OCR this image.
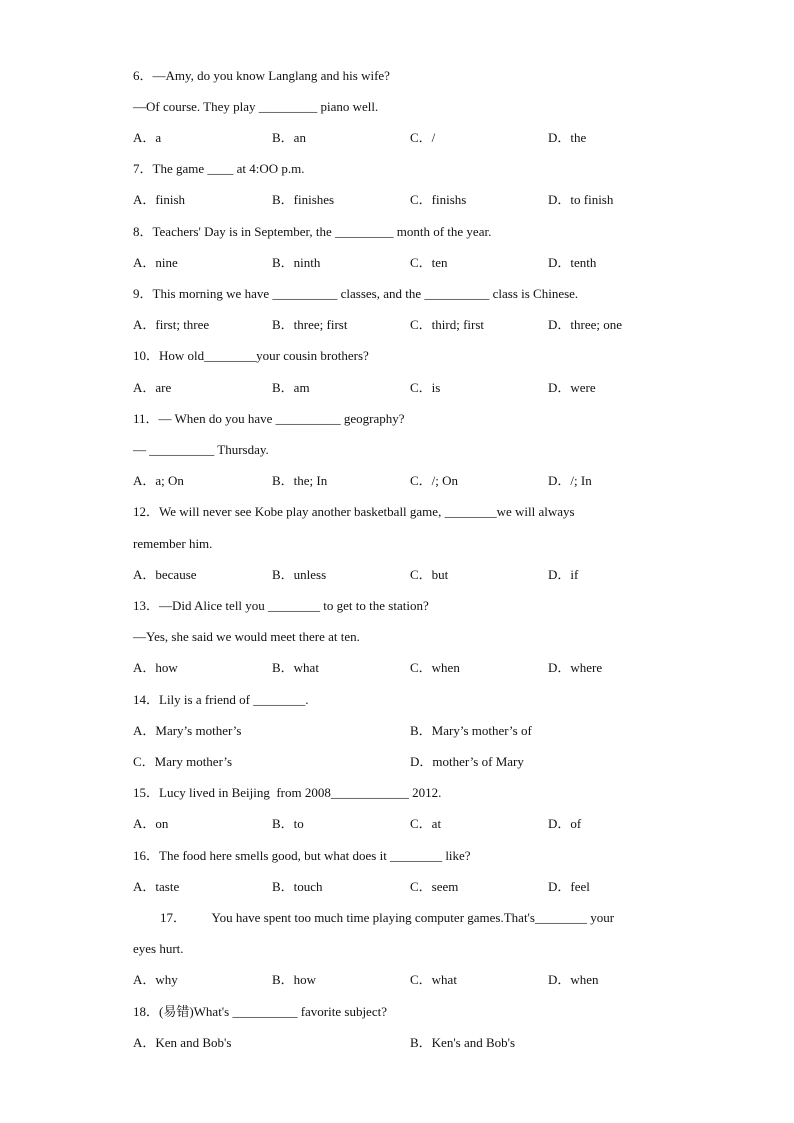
6．—Amy, do you know Langlang and his wife?
—Of course. They play _________ piano well.
A．a	B．an	C．/	D．the
7．The game ____ at 4:OO p.m.
A．finish	B．finishes	C．finishs	D．to finish
8．Teachers' Day is in September, the _________ month of the year.
A．nine	B．ninth	C．ten	D．tenth
9．This morning we have __________ classes, and the __________ class is Chinese.
A．first; three	B．three; first	C．third; first	D．three; one
10．How old________your cousin brothers?
A．are	B．am	C．is	D．were
11．— When do you have __________ geography?
— __________ Thursday.
A．a; On	B．the; In	C．/; On	D．/; In
12．We will never see Kobe play another basketball game, ________we will always
remember him.
A．because	B．unless	C．but	D．if
13．—Did Alice tell you ________ to get to the station?
—Yes, she said we would meet there at ten.
A．how	B．what	C．when	D．where
14．Lily is a friend of ________.
A．Mary’s mother’s	B．Mary’s mother’s of
C．Mary mother’s	D．mother’s of Mary
15．Lucy lived in Beijing  from 2008____________ 2012.
A．on	B．to	C．at	D．of
16．The food here smells good, but what does it ________ like?
A．taste	B．touch	C．seem	D．feel
17．        You have spent too much time playing computer games.That's________ your
eyes hurt.
A．why	B．how	C．what	D．when
18．(易错)What's __________ favorite subject?
A．Ken and Bob's	B．Ken's and Bob's
